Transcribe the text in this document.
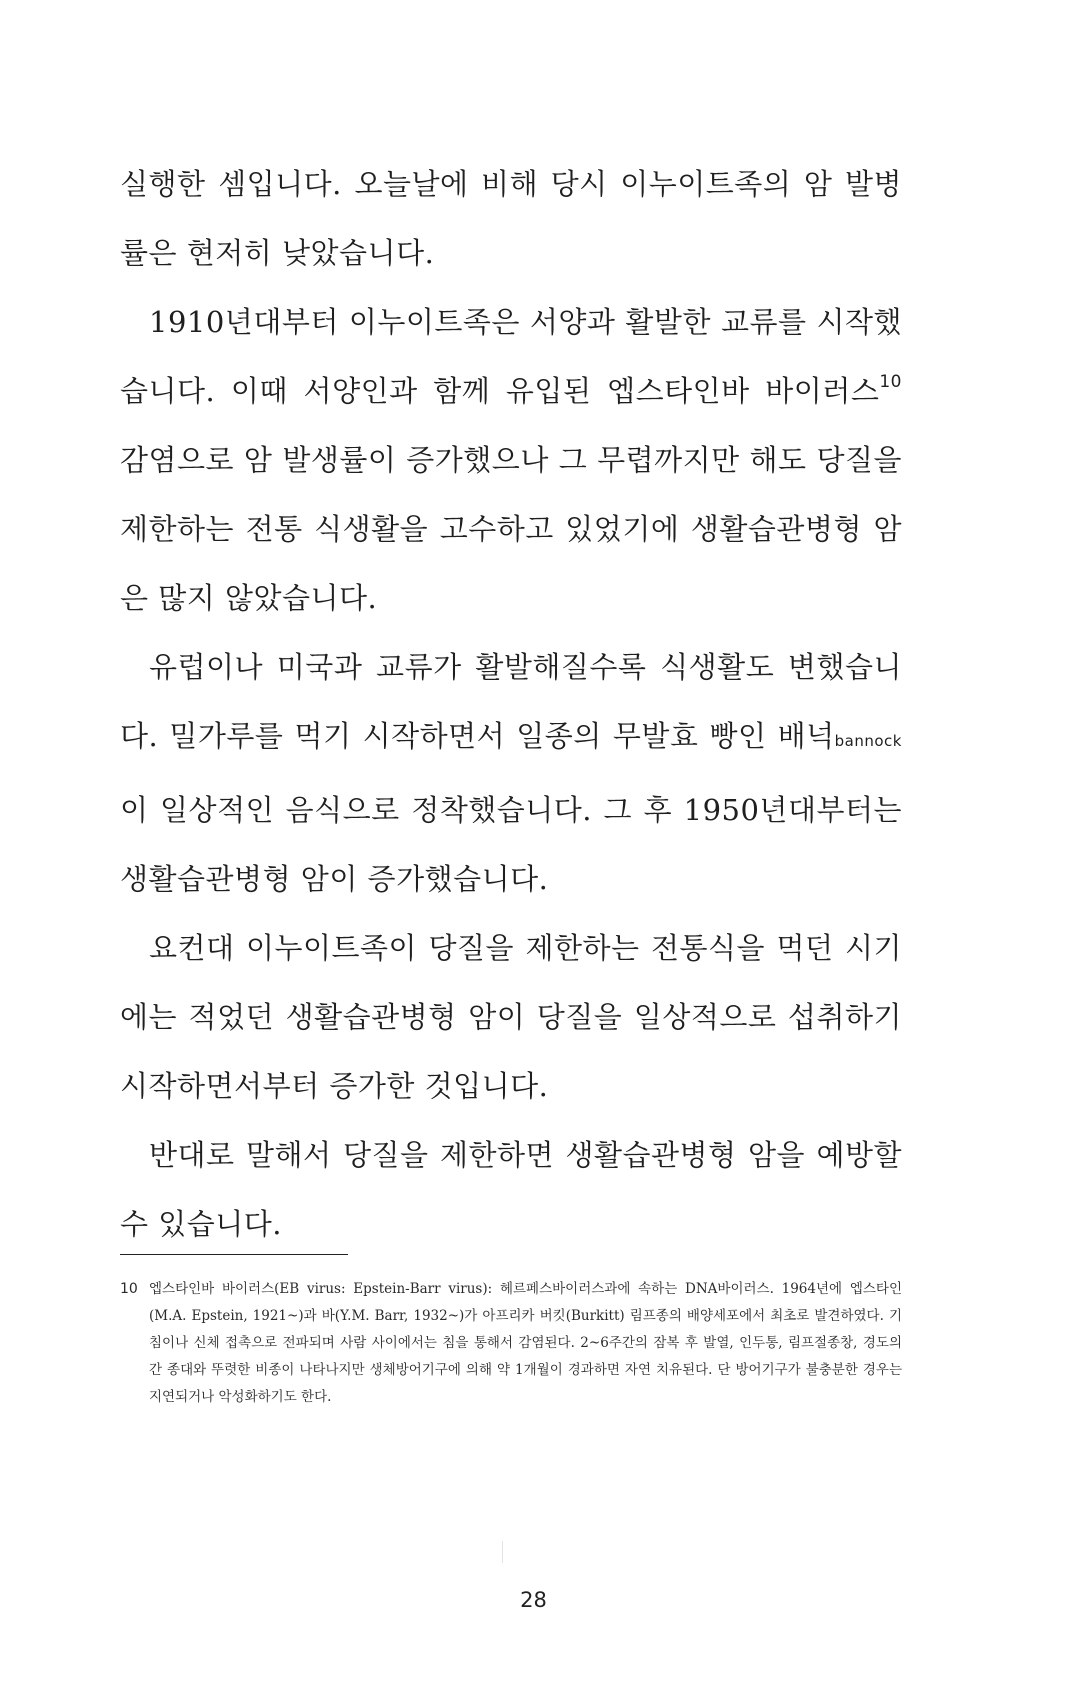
실행한 셈입니다. 오늘날에 비해 당시 이누이트족의 암 발병률은 현저히 낮았습니다.

1910년대부터 이누이트족은 서양과 활발한 교류를 시작했습니다. 이때 서양인과 함께 유입된 엡스타인바 바이러스$^{10}$ 감염으로 암 발생률이 증가했으나 그 무렵까지만 해도 당질을 제한하는 전통 식생활을 고수하고 있었기에 생활습관병형 암은 많지 않았습니다.

유럽이나 미국과 교류가 활발해질수록 식생활도 변했습니다. 밀가루를 먹기 시작하면서 일종의 무발효 빵인 배넉bannock이 일상적인 음식으로 정착했습니다. 그 후 1950년대부터는 생활습관병형 암이 증가했습니다.

요컨대 이누이트족이 당질을 제한하는 전통식을 먹던 시기에는 적었던 생활습관병형 암이 당질을 일상적으로 섭취하기 시작하면서부터 증가한 것입니다.

반대로 말해서 당질을 제한하면 생활습관병형 암을 예방할 수 있습니다.

10 엡스타인바 바이러스(EB virus: Epstein-Barr virus): 헤르페스바이러스과에 속하는 DNA바이러스. 1964년에 엡스타인(M.A. Epstein, 1921~)과 바(Y.M. Barr, 1932~)가 아프리카 버킷(Burkitt) 림프종의 배양세포에서 최초로 발견하였다. 기침이나 신체 접촉으로 전파되며 사람 사이에서는 침을 통해서 감염된다. 2~6주간의 잠복 후 발열, 인두통, 림프절종창, 경도의 간 종대와 뚜렷한 비종이 나타나지만 생체방어기구에 의해 약 1개월이 경과하면 자연 치유된다. 단 방어기구가 불충분한 경우는 지연되거나 악성화하기도 한다.
28
